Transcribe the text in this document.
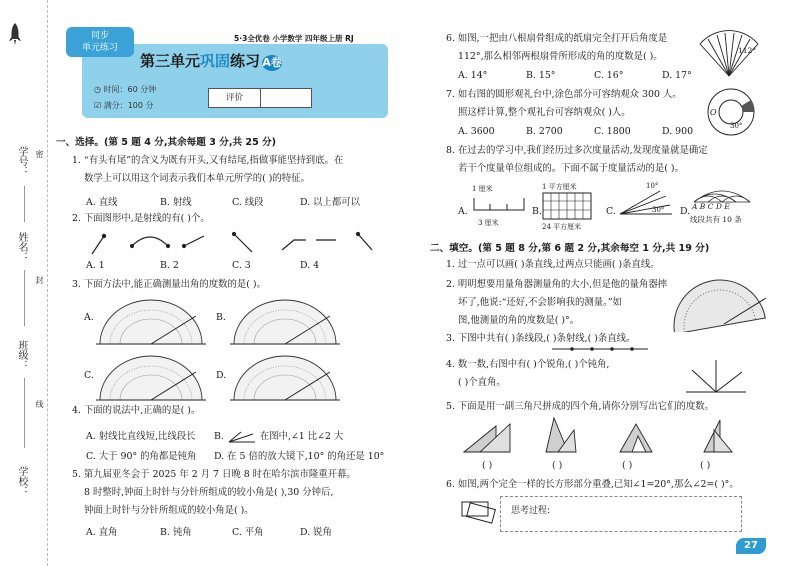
学号：
姓名：
班级：
学校：
密
封
线
同步
单元练习
5·3全优卷 小学数学 四年级上册 RJ
第三单元巩固练习 A卷
◷ 时间：60 分钟
☑ 满分：100 分
评价
一、选择。(第 5 题 4 分,其余每题 3 分,共 25 分)
1. “有头有尾”的含义为既有开头,又有结尾,指做事能坚持到底。在
数学上可以用这个词表示我们本单元所学的( )的特征。
A. 直线	B. 射线	C. 线段	D. 以上都可以
2. 下面图形中,是射线的有( )个。
A. 1	B. 2	C. 3	D. 4
3. 下面方法中,能正确测量出角的度数的是( )。
A.	B.
C.	D.
4. 下面的说法中,正确的是( )。
A. 射线比直线短,比线段长 B.	在图中,∠1 比∠2 大
C. 大于 90° 的角都是钝角 D. 在 5 倍的放大镜下,10° 的角还是 10°
5. 第九届亚冬会于 2025 年 2 月 7 日晚 8 时在哈尔滨市隆重开幕。
8 时整时,钟面上时针与分针所组成的较小角是( ),30 分钟后,
钟面上时针与分针所组成的较小角是( )。
A. 直角	B. 钝角	C. 平角	D. 锐角
6. 如图,一把由八根扇骨组成的纸扇完全打开后角度是
112°,那么相邻两根扇骨所形成的角的度数是( )。
A. 14°	B. 15°	C. 16°	D. 17°
112°
7. 如右图的圆形观礼台中,涂色部分可容纳观众 300 人。
照这样计算,整个观礼台可容纳观众( )人。
A. 3600	B. 2700	C. 1800	D. 900
O
30°
8. 在过去的学习中,我们经历过多次度量活动,发现度量就是确定
若干个度量单位组成的。下面不属于度量活动的是( )。
A.
1 厘米
3 厘米
B.
1 平方厘米
24 平方厘米
C.
10°
30° D. A B C D E
线段共有 10 条
二、填空。(第 5 题 8 分,第 6 题 2 分,其余每空 1 分,共 19 分)
1. 过一点可以画( )条直线,过两点只能画( )条直线。
2. 明明想要用量角器测量角的大小,但是他的量角器摔
坏了,他说:“还好,不会影响我的测量。”如
图,他测量的角的度数是( )°。
3. 下图中共有( )条线段,( )条射线,( )条直线。
4. 数一数,右图中有( )个锐角,( )个钝角,
( )个直角。
5. 下面是用一副三角尺拼成的四个角,请你分别写出它们的度数。
( )	( )	( )	( )
6. 如图,两个完全一样的长方形部分重叠,已知∠1=20°,那么∠2=( )°。
思考过程:
27
